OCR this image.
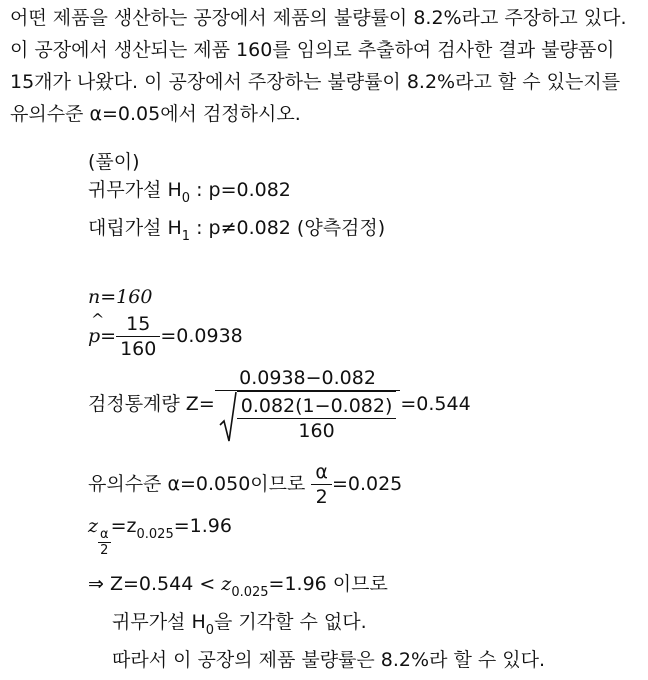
어떤 제품을 생산하는 공장에서 제품의 불량률이 8.2%라고 주장하고 있다.
이 공장에서 생산되는 제품 160를 임의로 추출하여 검사한 결과 불량품이
15개가 나왔다. 이 공장에서 주장하는 불량률이 8.2%라고 할 수 있는지를
유의수준 α=0.05에서 검정하시오.
(풀이)
귀무가설 $H_0$ : p=0.082
대립가설 $H_1$ : p≠0.082 (양측검정)
n=160
^ $p= \frac{15}{160} =0.0938$
검정통계량 $Z= \frac{0.0938-0.082}{\frac{0.082(1-0.082)}{160}} =0.544$
유의수준 α=0.050이므로 $\frac{\alpha}{2} =0.025$
z
$\frac{\alpha}{2}$
$=z_{0.025}=1.96$
⇒ $Z=0.544 < z_{0.025}=1.96$ 이므로
귀무가설 $H_0$을 기각할 수 없다.
따라서 이 공장의 제품 불량률은 8.2%라 할 수 있다.
